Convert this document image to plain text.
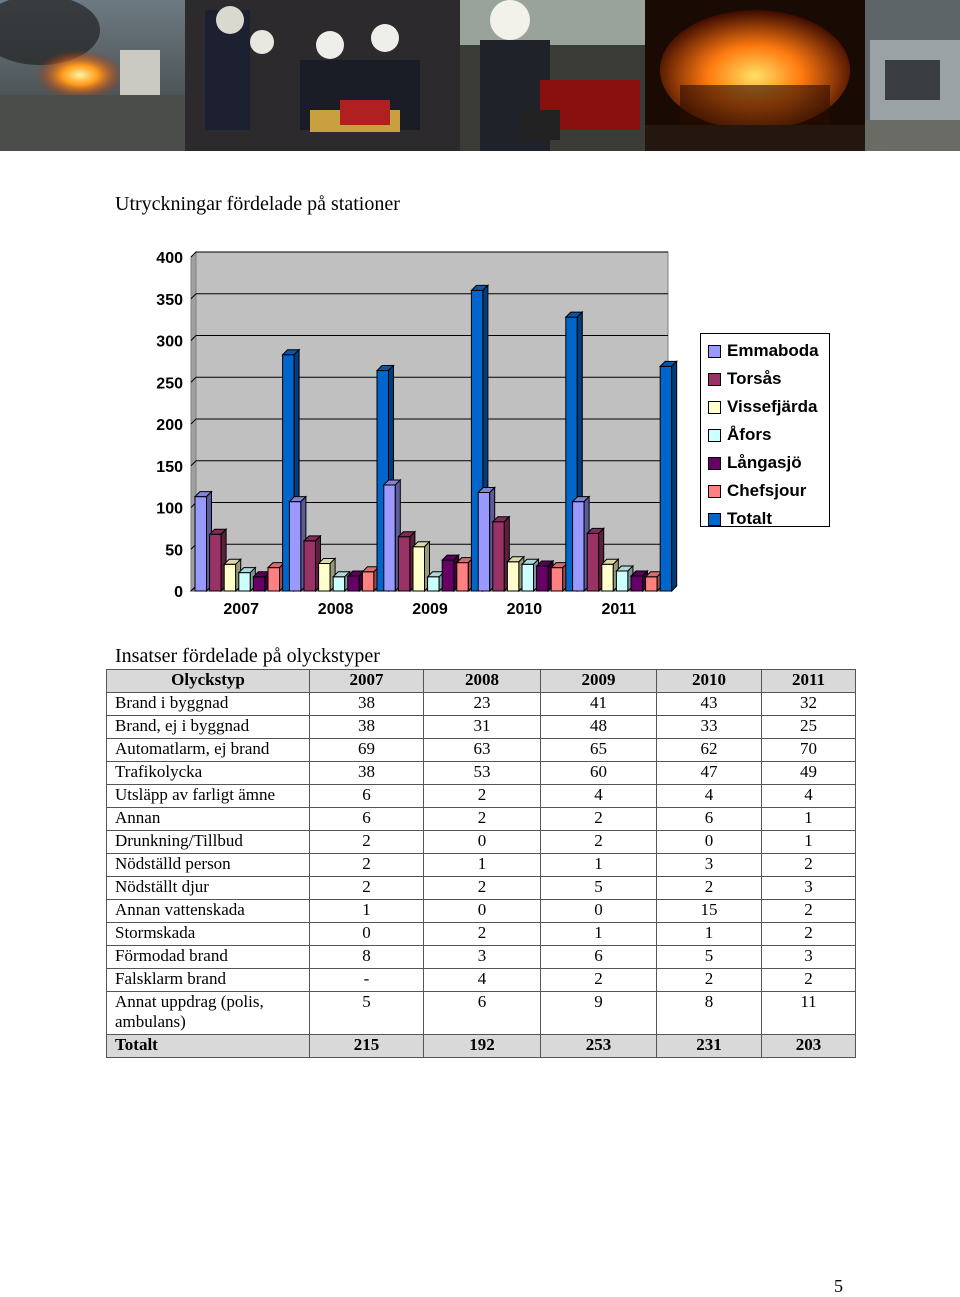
Utryckningar fördelade på stationer
0
50
100
150
200
250
300
350
400
2007	2008	2009	2010	2011
Emmaboda
Torsås
Vissefjärda
Åfors
Långasjö
Chefsjour
Totalt
Insatser fördelade på olyckstyper
Olyckstyp	2007	2008	2009	2010	2011
Brand i byggnad	38	23	41	43	32
Brand, ej i byggnad	38	31	48	33	25
Automatlarm, ej brand	69	63	65	62	70
Trafikolycka	38	53	60	47	49
Utsläpp av farligt ämne	6	2	4	4	4
Annan	6	2	2	6	1
Drunkning/Tillbud	2	0	2	0	1
Nödställd person	2	1	1	3	2
Nödställt djur	2	2	5	2	3
Annan vattenskada	1	0	0	15	2
Stormskada	0	2	1	1	2
Förmodad brand	8	3	6	5	3
Falsklarm brand	-	4	2	2	2
Annat uppdrag (polis, ambulans)	5	6	9	8	11
Totalt	215	192	253	231	203
5
